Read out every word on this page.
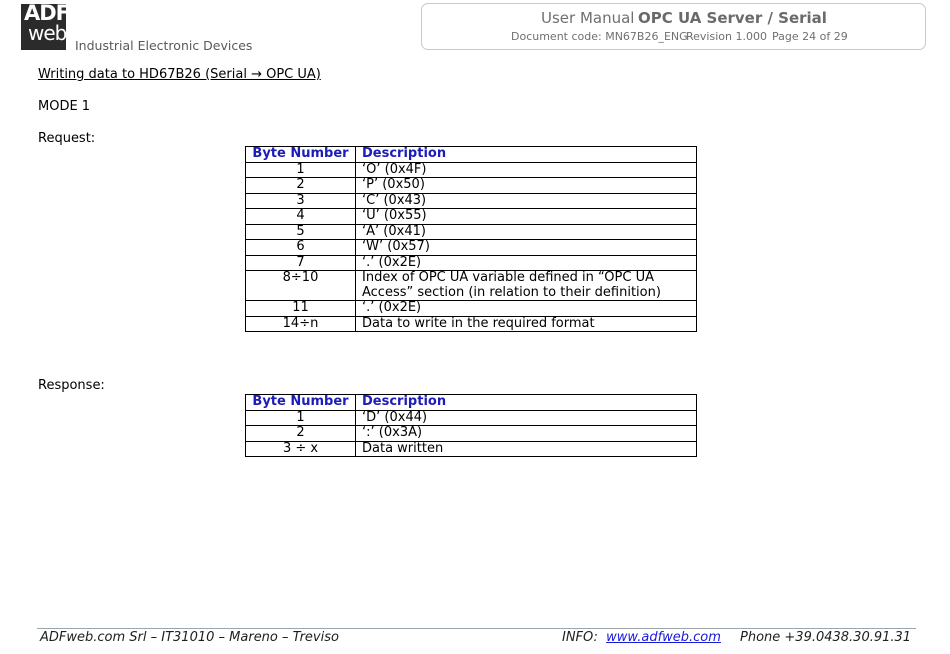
ADF
web
Industrial Electronic Devices
User Manual OPC UA Server / Serial
Document code: MN67B26_ENG
Revision 1.000 Page 24 of 29
Writing data to HD67B26 (Serial → OPC UA)
MODE 1
Request:
Byte Number	Description
1	‘O’ (0x4F)
2	‘P’ (0x50)
3	‘C’ (0x43)
4	‘U’ (0x55)
5	‘A’ (0x41)
6	‘W’ (0x57)
7	‘.’ (0x2E)
8÷10	Index of OPC UA variable defined in “OPC UA Access” section (in relation to their definition)
11	‘.’ (0x2E)
14÷n	Data to write in the required format
Response:
Byte Number	Description
1	‘D’ (0x44)
2	‘:’ (0x3A)
3 ÷ x	Data written
ADFweb.com Srl – IT31010 – Mareno – Treviso	INFO: www.adfweb.com Phone +39.0438.30.91.31
